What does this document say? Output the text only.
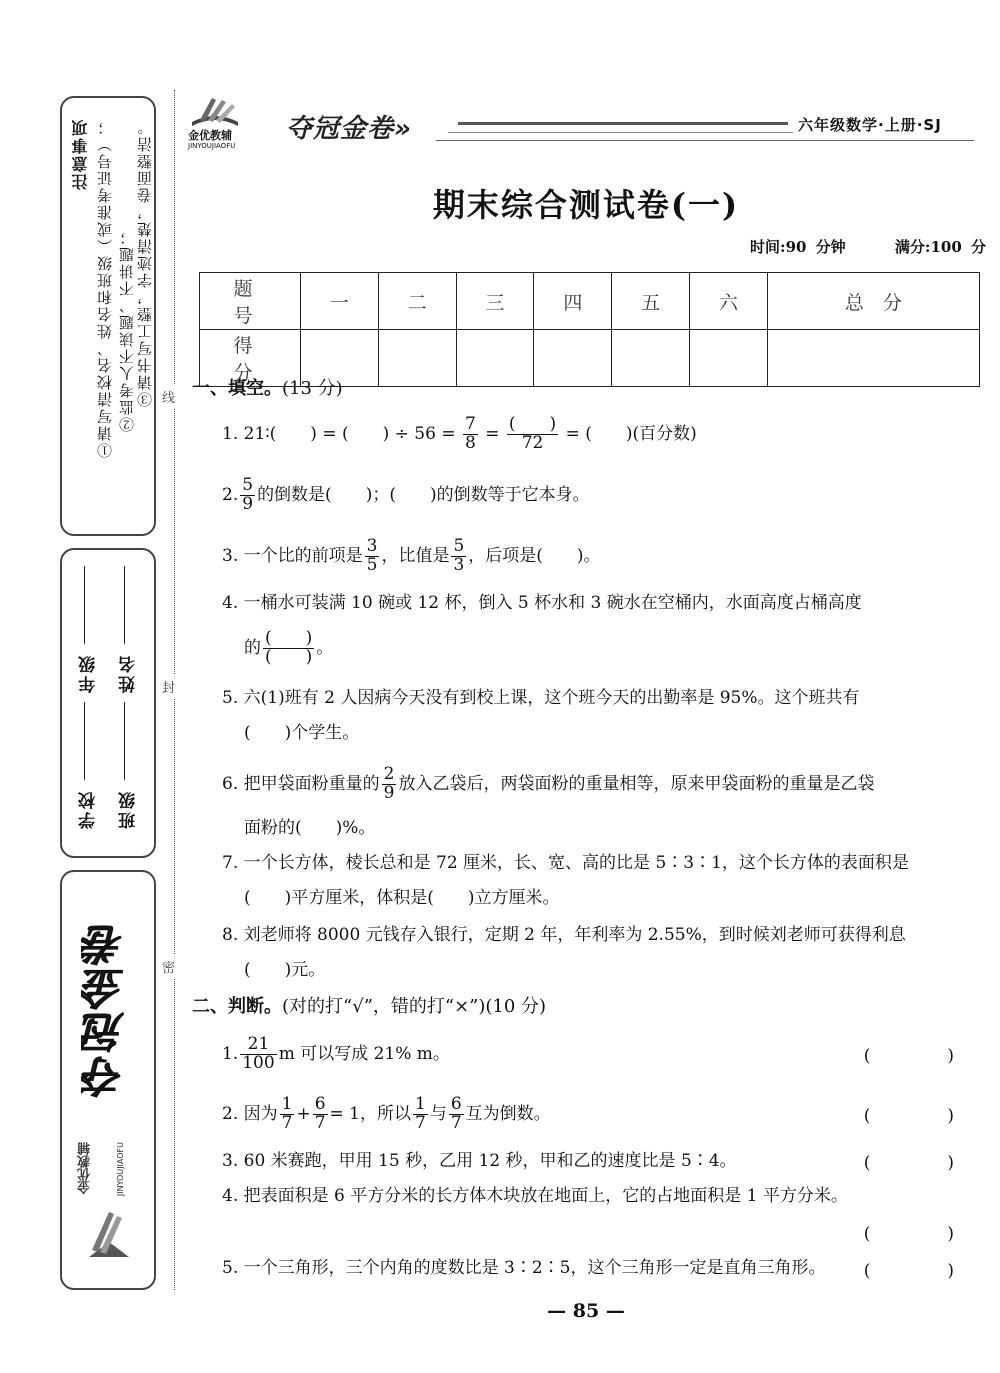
注意事项 ①请写清校名、姓名和班级（或准考证号）； ②监考人不读题、不讲题； ③请书写工整，字迹清楚，卷面整洁。
学校  年级
班级  姓名
夺冠金卷
金优教辅	JINYOUJIAOFU
线
封
密
金优教辅
JINYOUJIAOFU
夺冠金卷»	六年级数学·上册·SJ
期末综合测试卷(一)
时间:90 分钟	满分:100 分
题　号	一	二	三	四	五	六	总　分
得　分							
一、填空。(13 分)
1. 21∶(　　) = (　　) ÷ $56 = \frac{7}{8} = \frac{( )}{72}$ = (　　)(百分数)
2. $\frac{5}{9}$ 的倒数是(　　)；(　　)的倒数等于它本身。
3. 一个比的前项是 $\frac{3}{5}$ ，比值是 $\frac{5}{3}$ ，后项是(　　)。
4. 一桶水可装满 10 碗或 12 杯，倒入 5 杯水和 3 碗水在空桶内，水面高度占桶高度
的 $\frac{( )}{( )}$ 。
5. 六(1)班有 2 人因病今天没有到校上课，这个班今天的出勤率是 95%。这个班共有
(　　)个学生。
6. 把甲袋面粉重量的 $\frac{2}{9}$ 放入乙袋后，两袋面粉的重量相等，原来甲袋面粉的重量是乙袋
面粉的(　　)%。
7. 一个长方体，棱长总和是 72 厘米，长、宽、高的比是 5∶3∶1，这个长方体的表面积是
(　　)平方厘米，体积是(　　)立方厘米。
8. 刘老师将 8000 元钱存入银行，定期 2 年，年利率为 2.55%，到时候刘老师可获得利息
(　　)元。
二、判断。(对的打“√”，错的打“×”)(10 分)
1. $\frac{21}{100}$ m 可以写成 21% m。	(　)
2. 因为 $\frac{1}{7} + \frac{6}{7} = 1$，所以 $\frac{1}{7}$ 与 $\frac{6}{7}$ 互为倒数。	(　)
3. 60 米赛跑，甲用 15 秒，乙用 12 秒，甲和乙的速度比是 5∶4。	(　)
4. 把表面积是 6 平方分米的长方体木块放在地面上，它的占地面积是 1 平方分米。
(　)
5. 一个三角形，三个内角的度数比是 3∶2∶5，这个三角形一定是直角三角形。 (　)
— 85 —
